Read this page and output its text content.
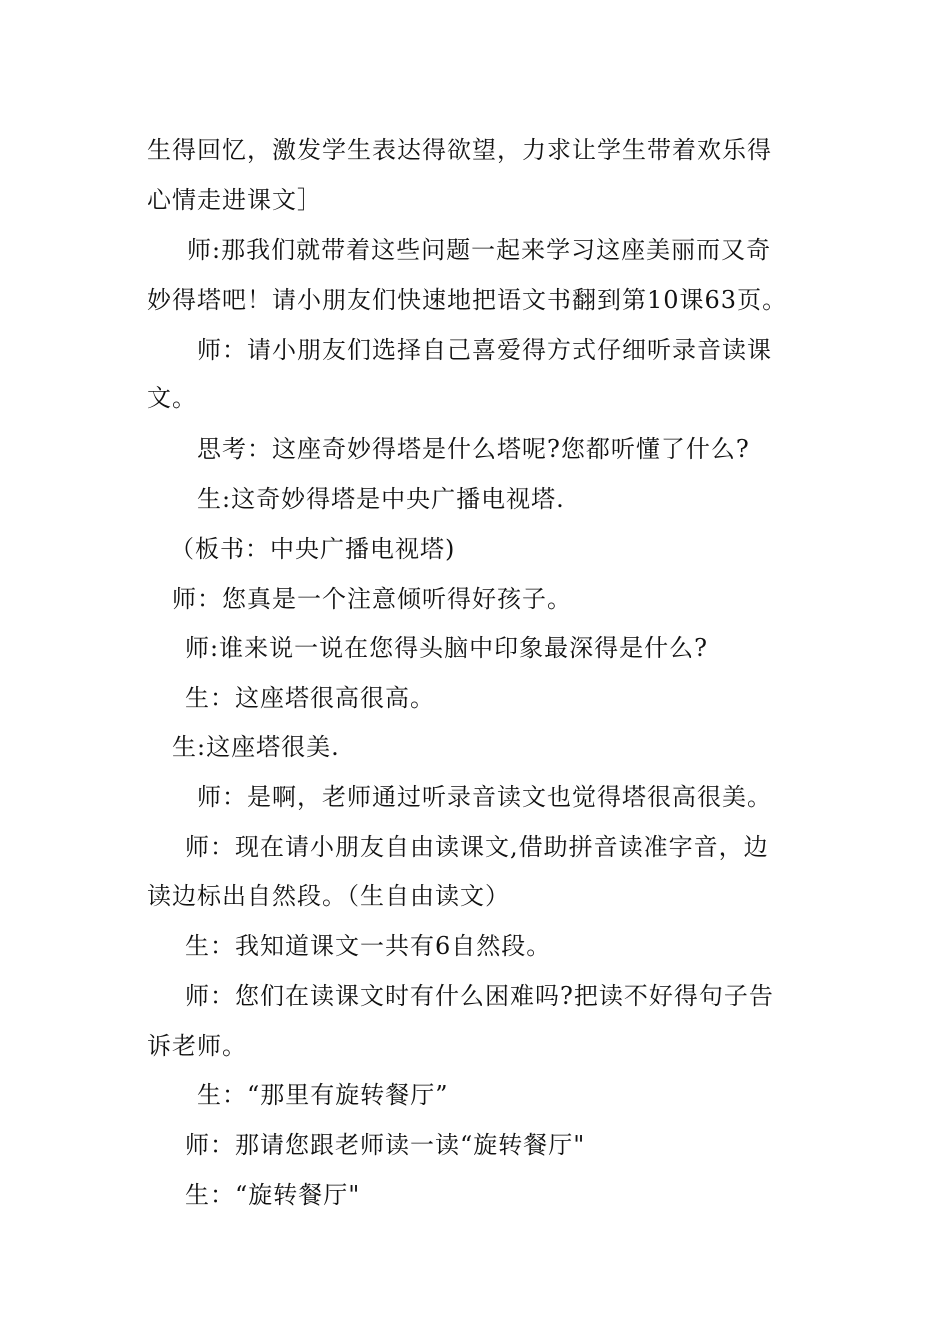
生得回忆，激发学生表达得欲望，力求让学生带着欢乐得
心情走进课文］
师:那我们就带着这些问题一起来学习这座美丽而又奇
妙得塔吧！请小朋友们快速地把语文书翻到第10课63页。
师：请小朋友们选择自己喜爱得方式仔细听录音读课
文。
思考：这座奇妙得塔是什么塔呢?您都听懂了什么?
生:这奇妙得塔是中央广播电视塔.
（板书：中央广播电视塔)
师：您真是一个注意倾听得好孩子。
师:谁来说一说在您得头脑中印象最深得是什么?
生：这座塔很高很高。
生:这座塔很美.
师：是啊，老师通过听录音读文也觉得塔很高很美。
师：现在请小朋友自由读课文,借助拼音读准字音，边
读边标出自然段。（生自由读文）
生：我知道课文一共有6自然段。
师：您们在读课文时有什么困难吗?把读不好得句子告
诉老师。
生：“那里有旋转餐厅”
师：那请您跟老师读一读“旋转餐厅"
生：“旋转餐厅"
